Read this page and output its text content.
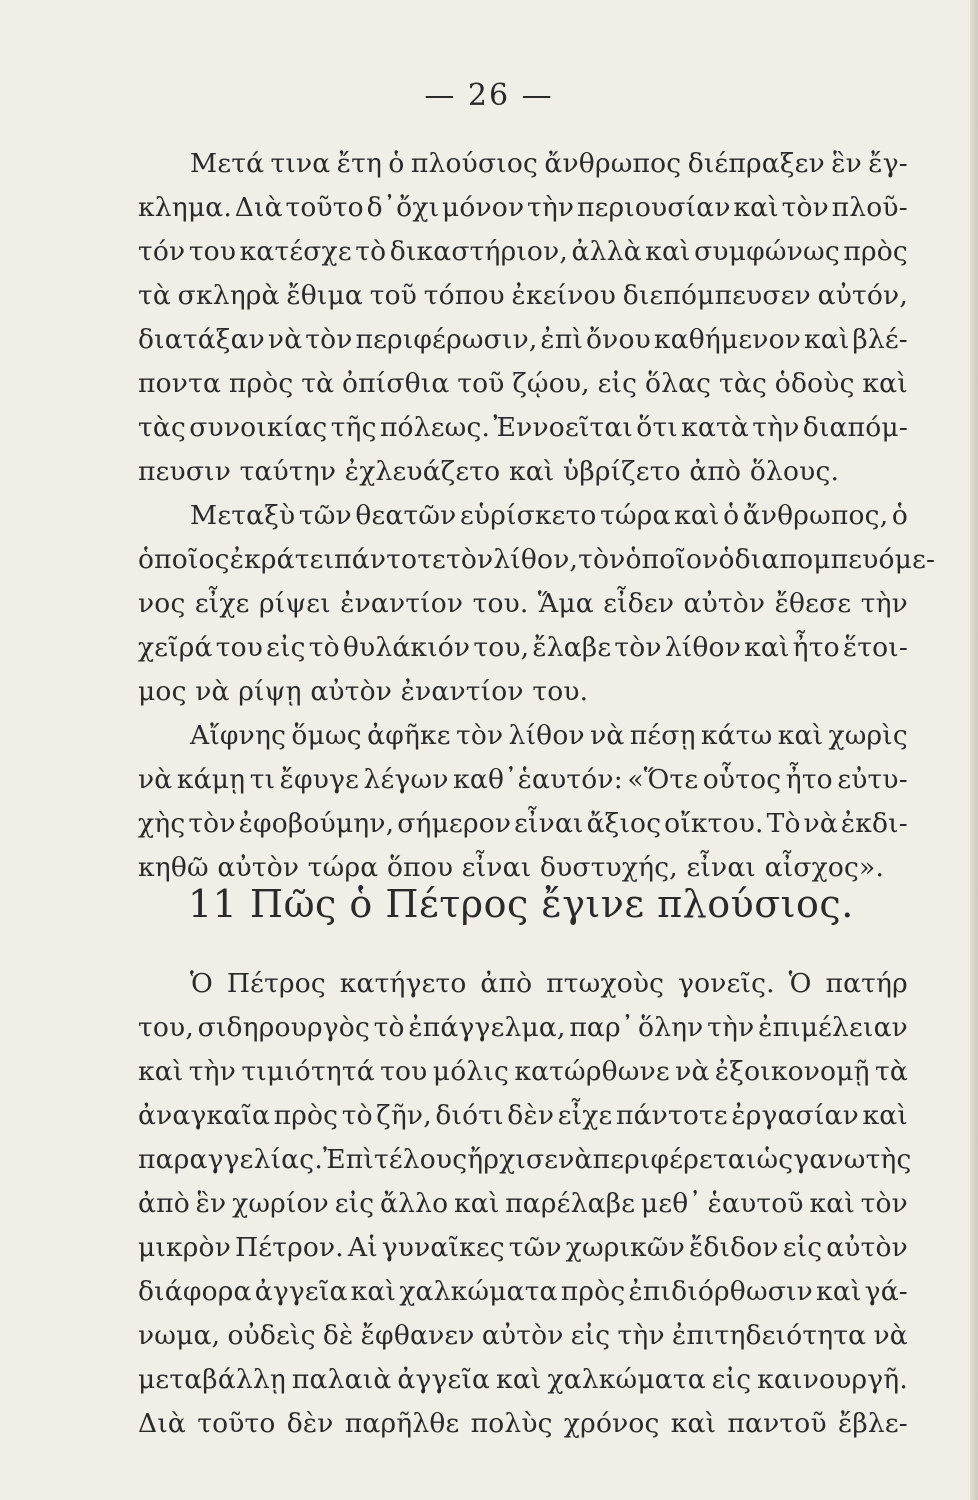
— 26 —
Μετά τινα ἔτη ὁ πλούσιος ἄνθρωπος διέπραξεν ἓν ἔγ-
κλημα. Διὰ τοῦτο δ᾽ὄχι μόνον τὴν περιουσίαν καὶ τὸν πλοῦ-
τόν του κατέσχε τὸ δικαστήριον, ἀλλὰ καὶ συμφώνως πρὸς
τὰ σκληρὰ ἔθιμα τοῦ τόπου ἐκείνου διεπόμπευσεν αὐτόν,
διατάξαν νὰ τὸν περιφέρωσιν, ἐπὶ ὄνου καθήμενον καὶ βλέ-
ποντα πρὸς τὰ ὀπίσθια τοῦ ζῴου, εἰς ὅλας τὰς ὁδοὺς καὶ
τὰς συνοικίας τῆς πόλεως. Ἐννοεῖται ὅτι κατὰ τὴν διαπόμ-
πευσιν ταύτην ἐχλευάζετο καὶ ὑβρίζετο ἀπὸ ὅλους.
Μεταξὺ τῶν θεατῶν εὑρίσκετο τώρα καὶ ὁ ἄνθρωπος, ὁ
ὁποῖος ἐκράτει πάντοτε τὸν λίθον, τὸν ὁποῖον ὁ διαπομπευόμε-
νος εἶχε ρίψει ἐναντίον του. Ἅμα εἶδεν αὐτὸν ἔθεσε τὴν
χεῖρά του εἰς τὸ θυλάκιόν του, ἔλαβε τὸν λίθον καὶ ἦτο ἕτοι-
μος νὰ ρίψῃ αὐτὸν ἐναντίον του.
Αἴφνης ὅμως ἀφῆκε τὸν λίθον νὰ πέσῃ κάτω καὶ χωρὶς
νὰ κάμῃ τι ἔφυγε λέγων καθ᾽ἑαυτόν: «Ὅτε οὗτος ἦτο εὐτυ-
χὴς τὸν ἐφοβούμην, σήμερον εἶναι ἄξιος οἴκτου. Τὸ νὰ ἐκδι-
κηθῶ αὐτὸν τώρα ὅπου εἶναι δυστυχής, εἶναι αἶσχος».
11 Πῶς ὁ Πέτρος ἔγινε πλούσιος.
Ὁ Πέτρος κατήγετο ἀπὸ πτωχοὺς γονεῖς. Ὁ πατήρ
του, σιδηρουργὸς τὸ ἐπάγγελμα, παρ᾽ ὅλην τὴν ἐπιμέλειαν
καὶ τὴν τιμιότητά του μόλις κατώρθωνε νὰ ἐξοικονομῇ τὰ
ἀναγκαῖα πρὸς τὸ ζῆν, διότι δὲν εἶχε πάντοτε ἐργασίαν καὶ
παραγγελίας. Ἐπὶ τέλους ἤρχισε νὰ περιφέρεται ὡς γανωτὴς
ἀπὸ ἓν χωρίον εἰς ἄλλο καὶ παρέλαβε μεθ᾽ ἑαυτοῦ καὶ τὸν
μικρὸν Πέτρον. Αἱ γυναῖκες τῶν χωρικῶν ἔδιδον εἰς αὐτὸν
διάφορα ἀγγεῖα καὶ χαλκώματα πρὸς ἐπιδιόρθωσιν καὶ γά-
νωμα, οὐδεὶς δὲ ἔφθανεν αὐτὸν εἰς τὴν ἐπιτηδειότητα νὰ
μεταβάλλῃ παλαιὰ ἀγγεῖα καὶ χαλκώματα εἰς καινουργῆ.
Διὰ τοῦτο δὲν παρῆλθε πολὺς χρόνος καὶ παντοῦ ἔβλε-
